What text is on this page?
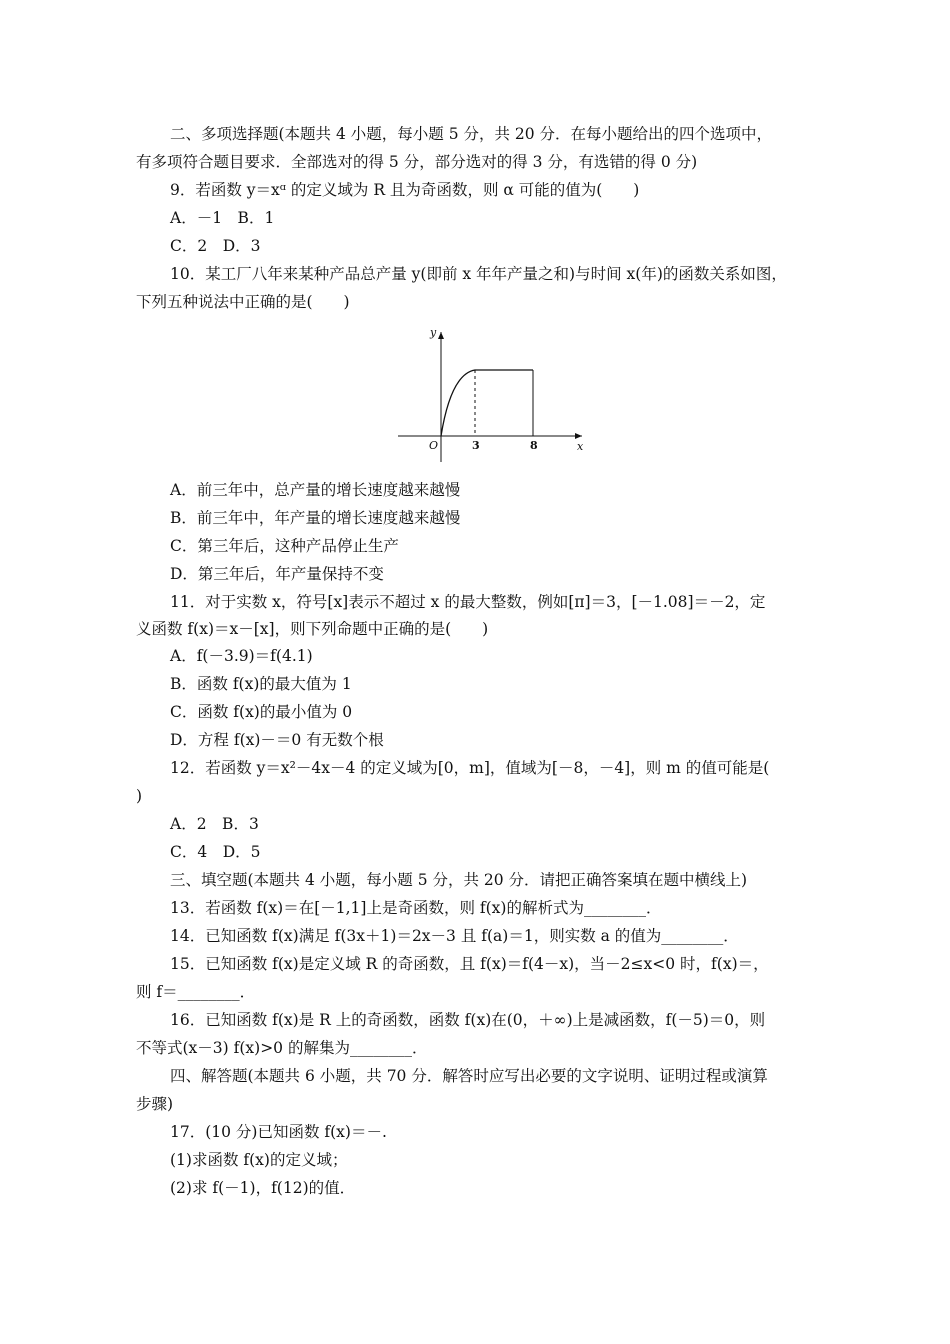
二、多项选择题(本题共 4 小题，每小题 5 分，共 20 分．在每小题给出的四个选项中，
有多项符合题目要求．全部选对的得 5 分，部分选对的得 3 分，有选错的得 0 分)
9．若函数 y＝xᵅ 的定义域为 R 且为奇函数，则 α 可能的值为(　　)
A．－1　B．1
C．2　D．3
10．某工厂八年来某种产品总产量 y(即前 x 年年产量之和)与时间 x(年)的函数关系如图，
下列五种说法中正确的是(　　)
y
x
O	3	8
A．前三年中，总产量的增长速度越来越慢
B．前三年中，年产量的增长速度越来越慢
C．第三年后，这种产品停止生产
D．第三年后，年产量保持不变
11．对于实数 x，符号[x]表示不超过 x 的最大整数，例如[π]＝3，[－1.08]＝－2，定
义函数 f(x)＝x－[x]，则下列命题中正确的是(　　)
A．f(－3.9)＝f(4.1)
B．函数 f(x)的最大值为 1
C．函数 f(x)的最小值为 0
D．方程 f(x)－＝0 有无数个根
12．若函数 y＝x²－4x－4 的定义域为[0，m]，值域为[－8，－4]，则 m 的值可能是(
)
A．2　B．3
C．4　D．5
三、填空题(本题共 4 小题，每小题 5 分，共 20 分．请把正确答案填在题中横线上)
13．若函数 f(x)＝在[－1,1]上是奇函数，则 f(x)的解析式为________．
14．已知函数 f(x)满足 f(3x＋1)＝2x－3 且 f(a)＝1，则实数 a 的值为________．
15．已知函数 f(x)是定义域 R 的奇函数，且 f(x)＝f(4－x)，当－2≤x<0 时，f(x)＝，
则 f＝________．
16．已知函数 f(x)是 R 上的奇函数，函数 f(x)在(0，＋∞)上是减函数，f(－5)＝0，则
不等式(x－3) f(x)>0 的解集为________．
四、解答题(本题共 6 小题，共 70 分．解答时应写出必要的文字说明、证明过程或演算
步骤)
17．(10 分)已知函数 f(x)＝－.
(1)求函数 f(x)的定义域；
(2)求 f(－1)，f(12)的值．
